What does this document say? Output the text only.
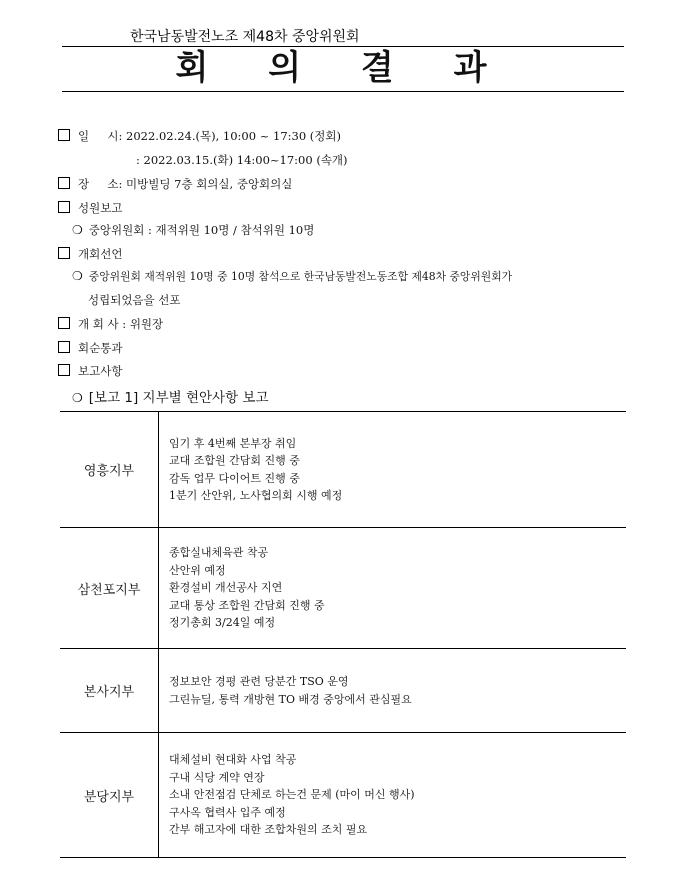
한국남동발전노조 제48차 중앙위원회
회 의 결 과
일     시: 2022.02.24.(목), 10:00 ~ 17:30 (정회)
: 2022.03.15.(화) 14:00~17:00 (속개)
장     소: 미방빌딩 7층 회의실, 중앙회의실
성원보고
❍ 중앙위원회 : 재적위원 10명 / 참석위원 10명
개회선언
❍ 중앙위원회 재적위원 10명 중 10명 참석으로 한국남동발전노동조합 제48차 중앙위원회가
성립되었음을 선포
개 회 사 : 위원장
회순통과
보고사항
❍ [보고 1] 지부별 현안사항 보고
영흥지부	임기 후 4번째 본부장 취임
교대 조합원 간담회 진행 중
감독 업무 다이어트 진행 중
1분기 산안위, 노사협의회 시행 예정

삼천포지부	종합실내체육관 착공
산안위 예정
환경설비 개선공사 지연
교대 통상 조합원 간담회 진행 중
정기총회 3/24일 예정

본사지부	정보보안 경평 관련 당분간 TSO 운영
그린뉴딜, 통력 개방현 TO 배경 중앙에서 관심필요

분당지부	대체설비 현대화 사업 착공
구내 식당 계약 연장
소내 안전점검 단체로 하는건 문제 (마이 머신 행사)
구사옥 협력사 입주 예정
간부 해고자에 대한 조합차원의 조치 필요
